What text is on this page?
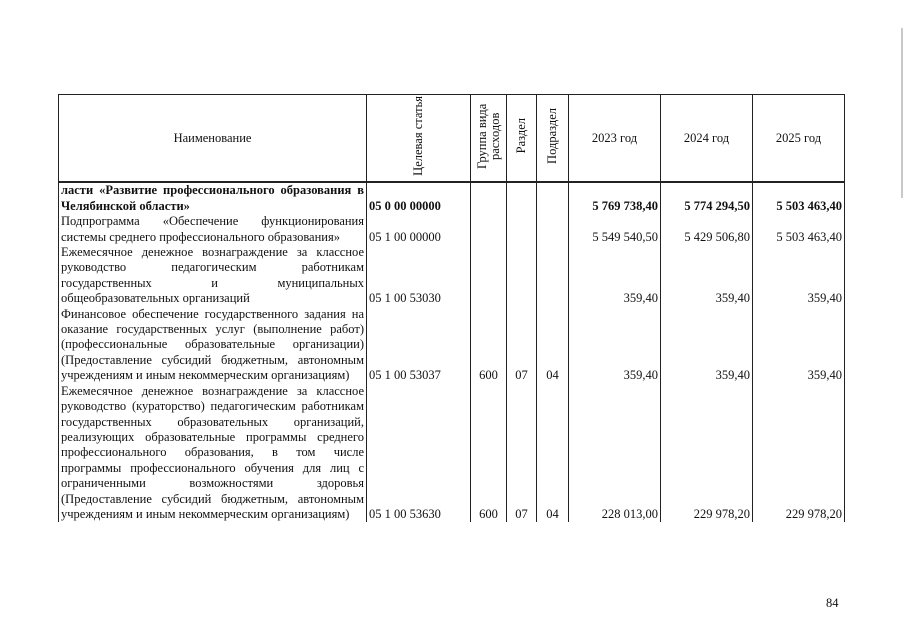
Наименование	Целевая статья	Группа вида расходов	Раздел	Подраздел	2023 год	2024 год	2025 год
ласти «Развитие профессионального образования в Челябинской области»	05 0 00 00000				5 769 738,40	5 774 294,50	5 503 463,40
Подпрограмма «Обеспечение функционирования системы среднего профессионального образования»	05 1 00 00000				5 549 540,50	5 429 506,80	5 503 463,40
Ежемесячное денежное вознаграждение за классное руководство педагогическим работникам государственных и муниципальных общеобразовательных организаций	05 1 00 53030				359,40	359,40	359,40
Финансовое обеспечение государственного задания на оказание государственных услуг (выполнение работ) (профессиональные образовательные организации) (Предоставление субсидий бюджетным, автономным учреждениям и иным некоммерческим организациям)	05 1 00 53037	600	07	04	359,40	359,40	359,40
Ежемесячное денежное вознаграждение за классное руководство (кураторство) педагогическим работникам государственных образовательных организаций, реализующих образовательные программы среднего профессионального образования, в том числе программы профессионального обучения для лиц с ограниченными возможностями здоровья (Предоставление субсидий бюджетным, автономным учреждениям и иным некоммерческим организациям)	05 1 00 53630	600	07	04	228 013,00	229 978,20	229 978,20
84
